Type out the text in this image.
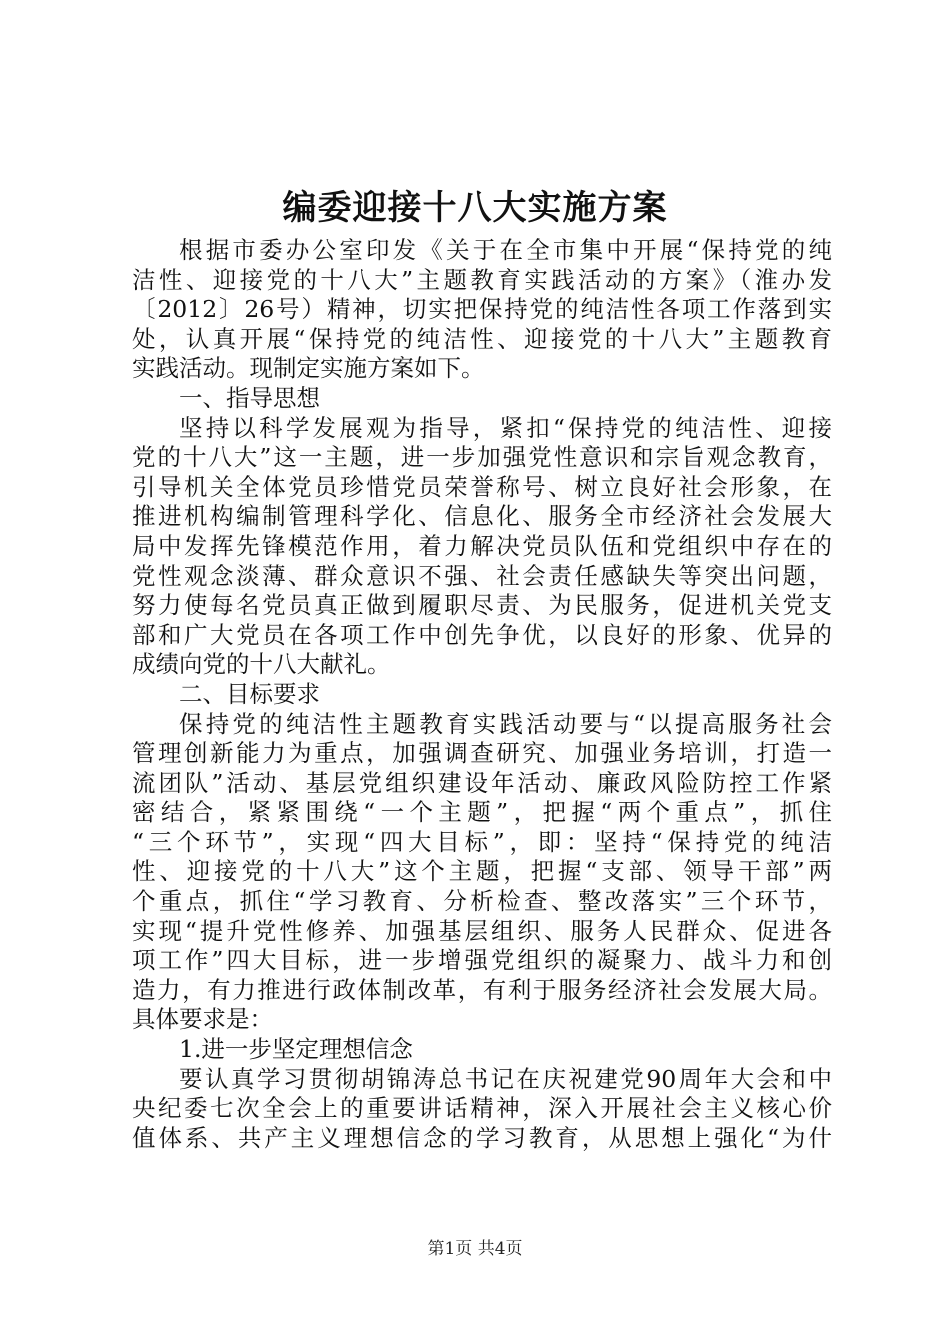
编委迎接十八大实施方案
根据市委办公室印发《关于在全市集中开展“保持党的纯
洁性、迎接党的十八大”主题教育实践活动的方案》（淮办发
〔2012〕26号）精神，切实把保持党的纯洁性各项工作落到实
处，认真开展“保持党的纯洁性、迎接党的十八大”主题教育
实践活动。现制定实施方案如下。
一、指导思想
坚持以科学发展观为指导，紧扣“保持党的纯洁性、迎接
党的十八大”这一主题，进一步加强党性意识和宗旨观念教育，
引导机关全体党员珍惜党员荣誉称号、树立良好社会形象，在
推进机构编制管理科学化、信息化、服务全市经济社会发展大
局中发挥先锋模范作用，着力解决党员队伍和党组织中存在的
党性观念淡薄、群众意识不强、社会责任感缺失等突出问题，
努力使每名党员真正做到履职尽责、为民服务，促进机关党支
部和广大党员在各项工作中创先争优，以良好的形象、优异的
成绩向党的十八大献礼。
二、目标要求
保持党的纯洁性主题教育实践活动要与“以提高服务社会
管理创新能力为重点，加强调查研究、加强业务培训，打造一
流团队”活动、基层党组织建设年活动、廉政风险防控工作紧
密结合，紧紧围绕“一个主题”，把握“两个重点”，抓住
“三个环节”，实现“四大目标”，即：坚持“保持党的纯洁
性、迎接党的十八大”这个主题，把握“支部、领导干部”两
个重点，抓住“学习教育、分析检查、整改落实”三个环节，
实现“提升党性修养、加强基层组织、服务人民群众、促进各
项工作”四大目标，进一步增强党组织的凝聚力、战斗力和创
造力，有力推进行政体制改革，有利于服务经济社会发展大局。
具体要求是：
1.进一步坚定理想信念
要认真学习贯彻胡锦涛总书记在庆祝建党90周年大会和中
央纪委七次全会上的重要讲话精神，深入开展社会主义核心价
值体系、共产主义理想信念的学习教育，从思想上强化“为什
第1页 共4页
